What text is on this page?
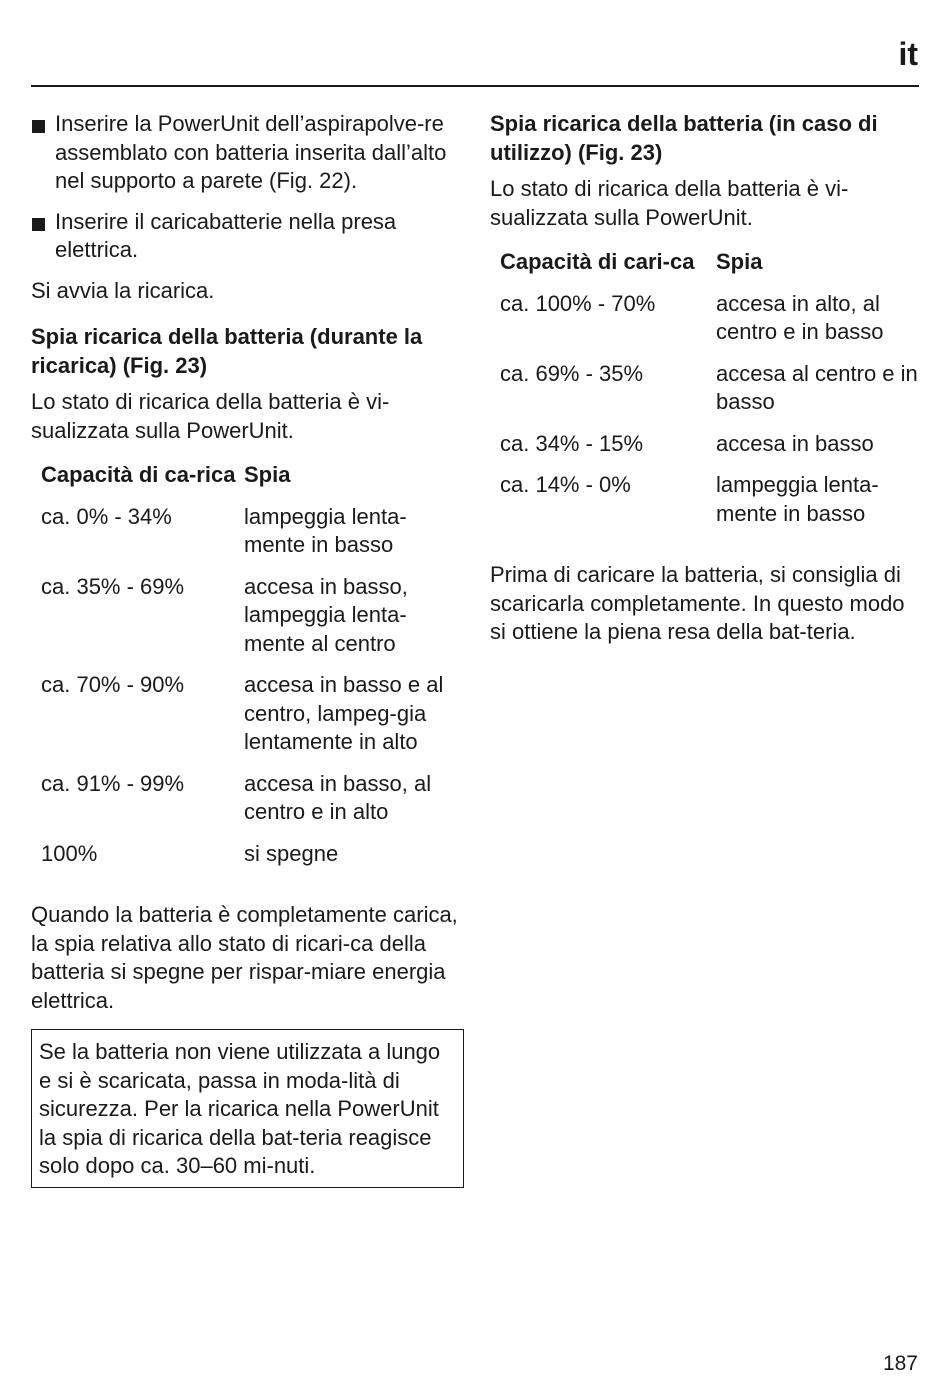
it

Inserire la PowerUnit dell’aspirapolve-re assemblato con batteria inserita dall’alto nel supporto a parete (Fig. 22).

Inserire il caricabatterie nella presa elettrica.

Si avvia la ricarica.

Spia ricarica della batteria (durante la ricarica) (Fig. 23)

Lo stato di ricarica della batteria è vi-sualizzata sulla PowerUnit.

Capacità di ca-rica	Spia
ca. 0% - 34%	lampeggia lenta-mente in basso
ca. 35% - 69%	accesa in basso, lampeggia lenta-mente al centro
ca. 70% - 90%	accesa in basso e al centro, lampeg-gia lentamente in alto
ca. 91% - 99%	accesa in basso, al centro e in alto
100%	si spegne

Quando la batteria è completamente carica, la spia relativa allo stato di ricari-ca della batteria si spegne per rispar-miare energia elettrica.

Se la batteria non viene utilizzata a lungo e si è scaricata, passa in moda-lità di sicurezza. Per la ricarica nella PowerUnit la spia di ricarica della bat-teria reagisce solo dopo ca. 30–60 mi-nuti.

Spia ricarica della batteria (in caso di utilizzo) (Fig. 23)

Lo stato di ricarica della batteria è vi-sualizzata sulla PowerUnit.

Capacità di cari-ca	Spia
ca. 100% - 70%	accesa in alto, al centro e in basso
ca. 69% - 35%	accesa al centro e in basso
ca. 34% - 15%	accesa in basso
ca. 14% - 0%	lampeggia lenta-mente in basso

Prima di caricare la batteria, si consiglia di scaricarla completamente. In questo modo si ottiene la piena resa della bat-teria.

187
